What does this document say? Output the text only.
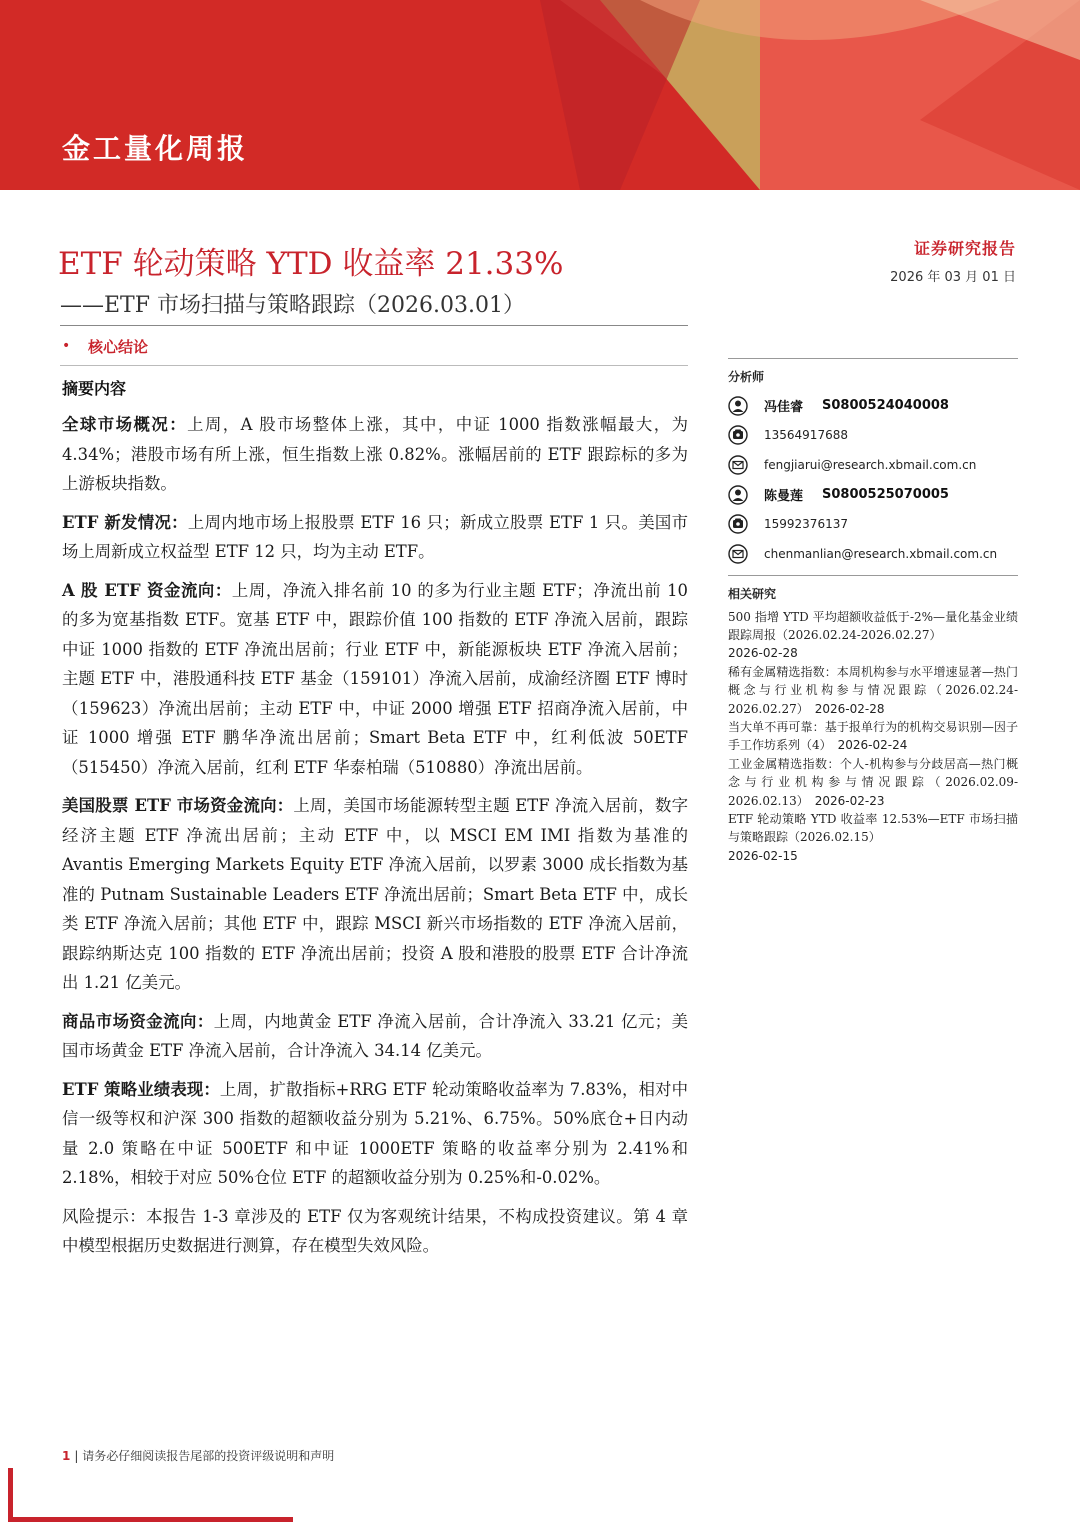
金工量化周报
ETF 轮动策略 YTD 收益率 21.33%
——ETF 市场扫描与策略跟踪（2026.03.01）
证券研究报告
2026 年 03 月 01 日
• 核心结论
摘要内容

全球市场概况：上周，A 股市场整体上涨，其中，中证 1000 指数涨幅最大，为 4.34%；港股市场有所上涨，恒生指数上涨 0.82%。涨幅居前的 ETF 跟踪标的多为上游板块指数。

ETF 新发情况：上周内地市场上报股票 ETF 16 只；新成立股票 ETF 1 只。美国市场上周新成立权益型 ETF 12 只，均为主动 ETF。

A 股 ETF 资金流向：上周，净流入排名前 10 的多为行业主题 ETF；净流出前 10 的多为宽基指数 ETF。宽基 ETF 中，跟踪价值 100 指数的 ETF 净流入居前，跟踪中证 1000 指数的 ETF 净流出居前；行业 ETF 中，新能源板块 ETF 净流入居前；主题 ETF 中，港股通科技 ETF 基金（159101）净流入居前，成渝经济圈 ETF 博时（159623）净流出居前；主动 ETF 中，中证 2000 增强 ETF 招商净流入居前，中证 1000 增强 ETF 鹏华净流出居前；Smart Beta ETF 中，红利低波 50ETF（515450）净流入居前，红利 ETF 华泰柏瑞（510880）净流出居前。

美国股票 ETF 市场资金流向：上周，美国市场能源转型主题 ETF 净流入居前，数字经济主题 ETF 净流出居前；主动 ETF 中，以 MSCI EM IMI 指数为基准的 Avantis Emerging Markets Equity ETF 净流入居前，以罗素 3000 成长指数为基准的 Putnam Sustainable Leaders ETF 净流出居前；Smart Beta ETF 中，成长类 ETF 净流入居前；其他 ETF 中，跟踪 MSCI 新兴市场指数的 ETF 净流入居前，跟踪纳斯达克 100 指数的 ETF 净流出居前；投资 A 股和港股的股票 ETF 合计净流出 1.21 亿美元。

商品市场资金流向：上周，内地黄金 ETF 净流入居前，合计净流入 33.21 亿元；美国市场黄金 ETF 净流入居前，合计净流入 34.14 亿美元。

ETF 策略业绩表现：上周，扩散指标+RRG ETF 轮动策略收益率为 7.83%，相对中信一级等权和沪深 300 指数的超额收益分别为 5.21%、6.75%。50%底仓+日内动量 2.0 策略在中证 500ETF 和中证 1000ETF 策略的收益率分别为 2.41%和 2.18%，相较于对应 50%仓位 ETF 的超额收益分别为 0.25%和-0.02%。

风险提示：本报告 1-3 章涉及的 ETF 仅为客观统计结果，不构成投资建议。第 4 章中模型根据历史数据进行测算，存在模型失效风险。

分析师
冯佳睿	S0800524040008
13564917688
fengjiarui@research.xbmail.com.cn
陈曼莲	S0800525070005
15992376137
chenmanlian@research.xbmail.com.cn
相关研究
500 指增 YTD 平均超额收益低于-2%—量化基金业绩跟踪周报（2026.02.24-2026.02.27）
2026-02-28
稀有金属精选指数：本周机构参与水平增速显著—热门概念与行业机构参与情况跟踪（2026.02.24-2026.02.27） 2026-02-28
当大单不再可靠：基于报单行为的机构交易识别—因子手工作坊系列（4） 2026-02-24
工业金属精选指数：个人-机构参与分歧居高—热门概念与行业机构参与情况跟踪（2026.02.09-2026.02.13） 2026-02-23
ETF 轮动策略 YTD 收益率 12.53%—ETF 市场扫描与策略跟踪（2026.02.15）
2026-02-15
1 | 请务必仔细阅读报告尾部的投资评级说明和声明
